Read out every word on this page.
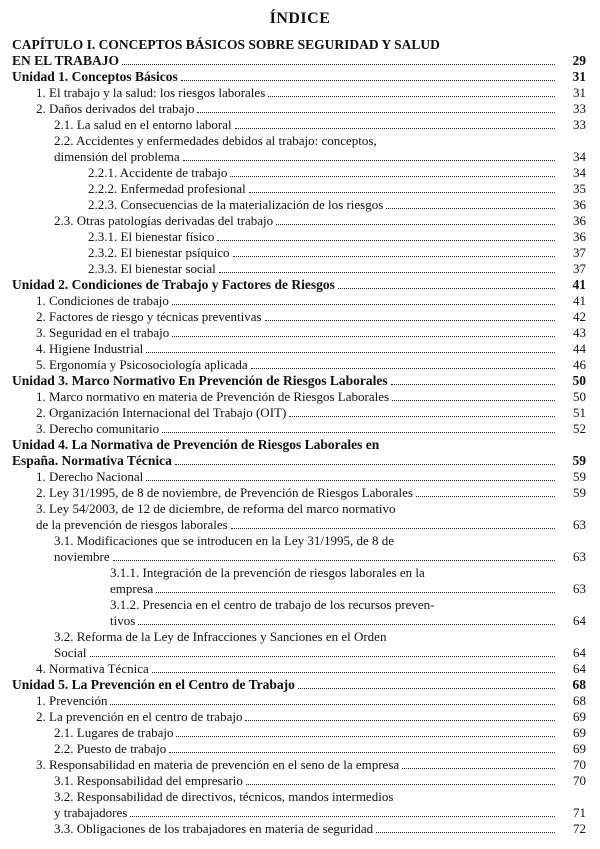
ÍNDICE
CAPÍTULO I. CONCEPTOS BÁSICOS SOBRE SEGURIDAD Y SALUD
EN EL TRABAJO	29
Unidad 1. Conceptos Básicos	31
1. El trabajo y la salud: los riesgos laborales	31
2. Daños derivados del trabajo	33
2.1. La salud en el entorno laboral	33
2.2. Accidentes y enfermedades debidos al trabajo: conceptos,
dimensión del problema	34
2.2.1. Accidente de trabajo	34
2.2.2. Enfermedad profesional	35
2.2.3. Consecuencias de la materialización de los riesgos	36
2.3. Otras patologías derivadas del trabajo	36
2.3.1. El bienestar físico	36
2.3.2. El bienestar psíquico	37
2.3.3. El bienestar social	37
Unidad 2. Condiciones de Trabajo y Factores de Riesgos	41
1. Condiciones de trabajo	41
2. Factores de riesgo y técnicas preventivas	42
3. Seguridad en el trabajo	43
4. Higiene Industrial	44
5. Ergonomía y Psicosociología aplicada	46
Unidad 3. Marco Normativo En Prevención de Riesgos Laborales	50
1. Marco normativo en materia de Prevención de Riesgos Laborales	50
2. Organización Internacional del Trabajo (OIT)	51
3. Derecho comunitario	52
Unidad 4. La Normativa de Prevención de Riesgos Laborales en
España. Normativa Técnica	59
1. Derecho Nacional	59
2. Ley 31/1995, de 8 de noviembre, de Prevención de Riesgos Laborales	59
3. Ley 54/2003, de 12 de diciembre, de reforma del marco normativo
de la prevención de riesgos laborales	63
3.1. Modificaciones que se introducen en la Ley 31/1995, de 8 de
noviembre	63
3.1.1. Integración de la prevención de riesgos laborales en la
empresa	63
3.1.2. Presencia en el centro de trabajo de los recursos preven-
tivos	64
3.2. Reforma de la Ley de Infracciones y Sanciones en el Orden
Social	64
4. Normativa Técnica	64
Unidad 5. La Prevención en el Centro de Trabajo	68
1. Prevención	68
2. La prevención en el centro de trabajo	69
2.1. Lugares de trabajo	69
2.2. Puesto de trabajo	69
3. Responsabilidad en materia de prevención en el seno de la empresa	70
3.1. Responsabilidad del empresario	70
3.2. Responsabilidad de directivos, técnicos, mandos intermedios
y trabajadores	71
3.3. Obligaciones de los trabajadores en materia de seguridad	72
